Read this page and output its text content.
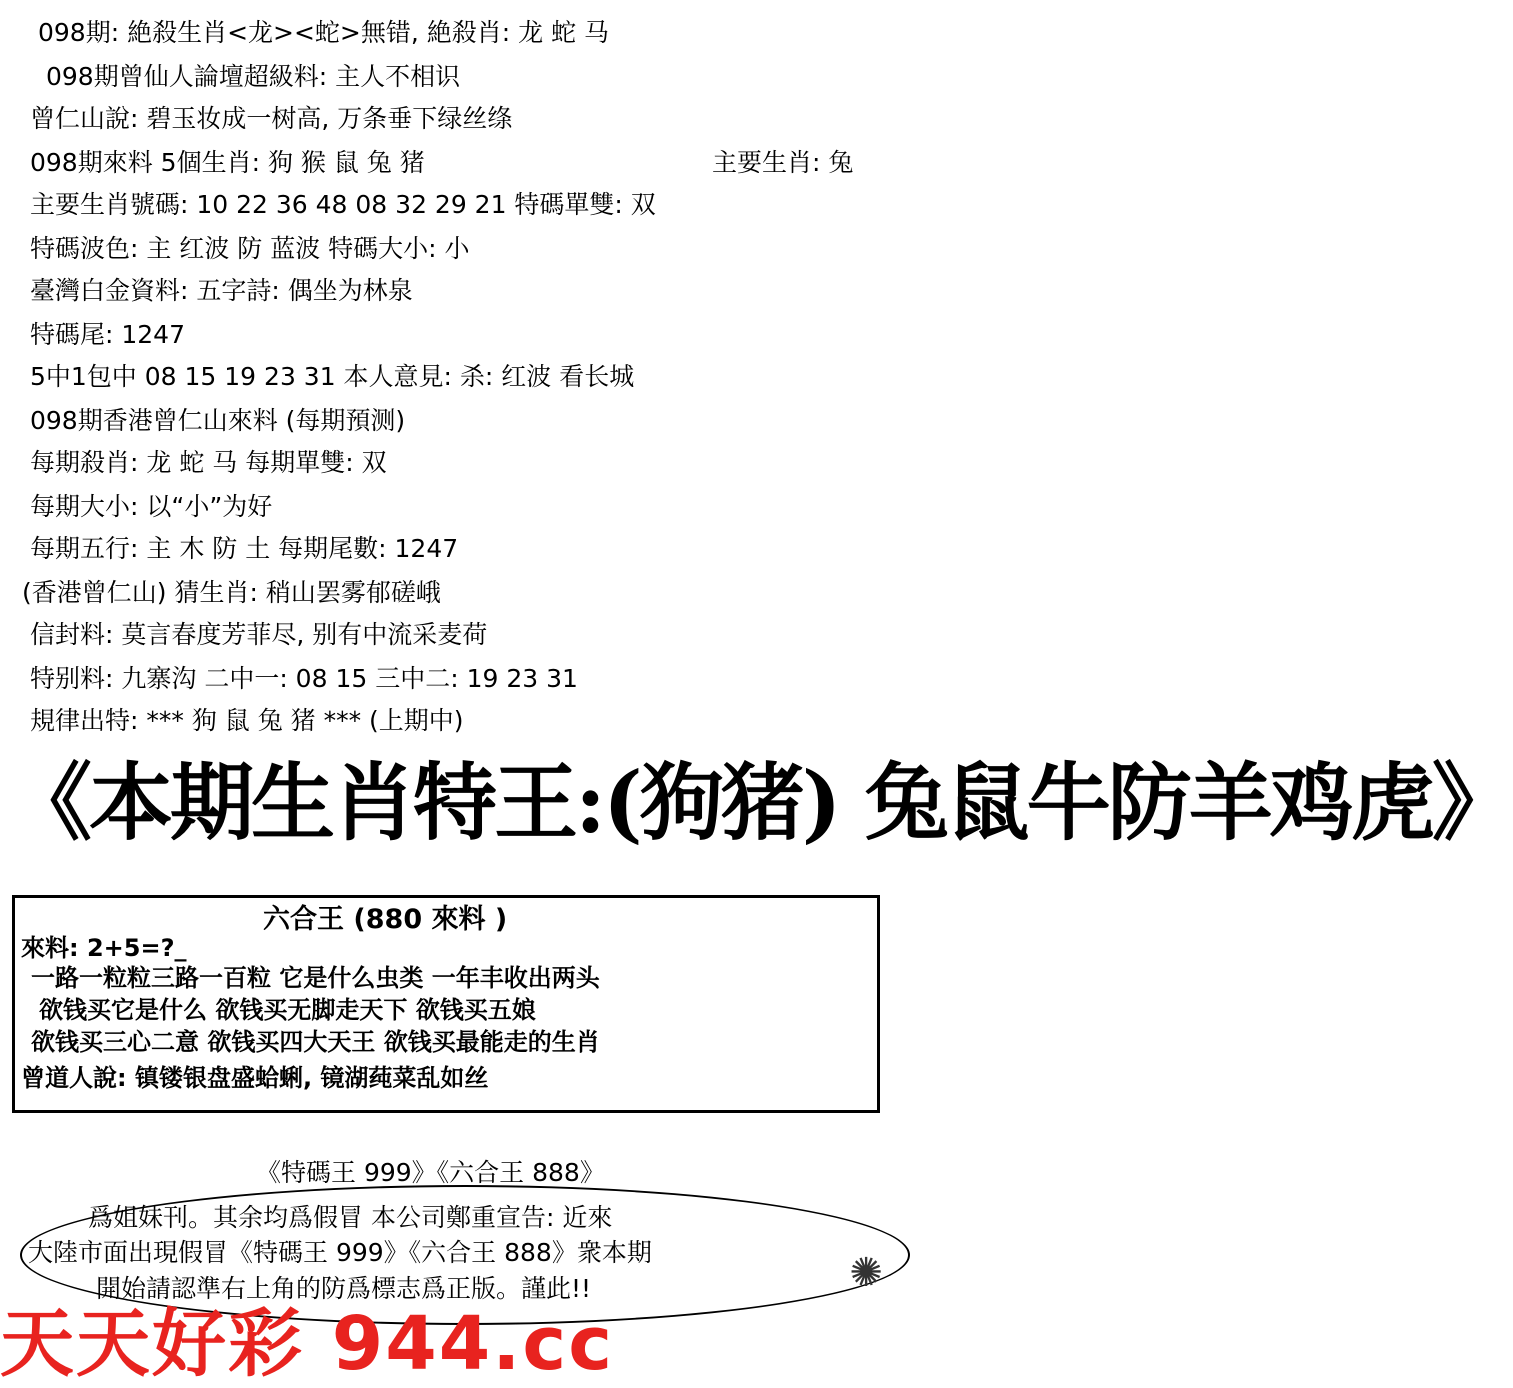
098期: 絶殺生肖<龙><蛇>無错, 絶殺肖: 龙 蛇 马
098期曾仙人論壇超級料: 主人不相识
曾仁山說: 碧玉妆成一树高, 万条垂下绿丝绦
098期來料 5個生肖: 狗 猴 鼠 兔 猪	主要生肖: 兔
主要生肖號碼: 10 22 36 48 08 32 29 21 特碼單雙: 双
特碼波色: 主 红波 防 蓝波 特碼大小: 小
臺灣白金資料: 五字詩: 偶坐为林泉
特碼尾: 1247
5中1包中 08 15 19 23 31 本人意見: 杀: 红波 看长城
098期香港曾仁山來料 (每期預测)
每期殺肖: 龙 蛇 马 每期單雙: 双
每期大小: 以“小”为好
每期五行: 主 木 防 土 每期尾數: 1247
(香港曾仁山) 猜生肖: 稍山罢雾郁磋峨
信封料: 莫言春度芳菲尽, 别有中流采麦荷
特别料: 九寨沟 二中一: 08 15 三中二: 19 23 31
規律出特: *** 狗 鼠 兔 猪 *** (上期中)
《本期生肖特王:(狗猪) 兔鼠牛防羊鸡虎》
六合王 (880 來料 )
來料: 2+5=?_
一路一粒粒三路一百粒 它是什么虫类 一年丰收出两头
欲钱买它是什么 欲钱买无脚走天下 欲钱买五娘
欲钱买三心二意 欲钱买四大天王 欲钱买最能走的生肖
曾道人說: 镇镂银盘盛蛤蜊, 镜湖莼菜乱如丝
《特碼王 999》《六合王 888》
爲姐妹刊。其余均爲假冒 本公司鄭重宣告: 近來
大陸市面出現假冒《特碼王 999》《六合王 888》衆本期
開始請認準右上角的防爲標志爲正版。謹此!!	✺
天天好彩 944.cc
